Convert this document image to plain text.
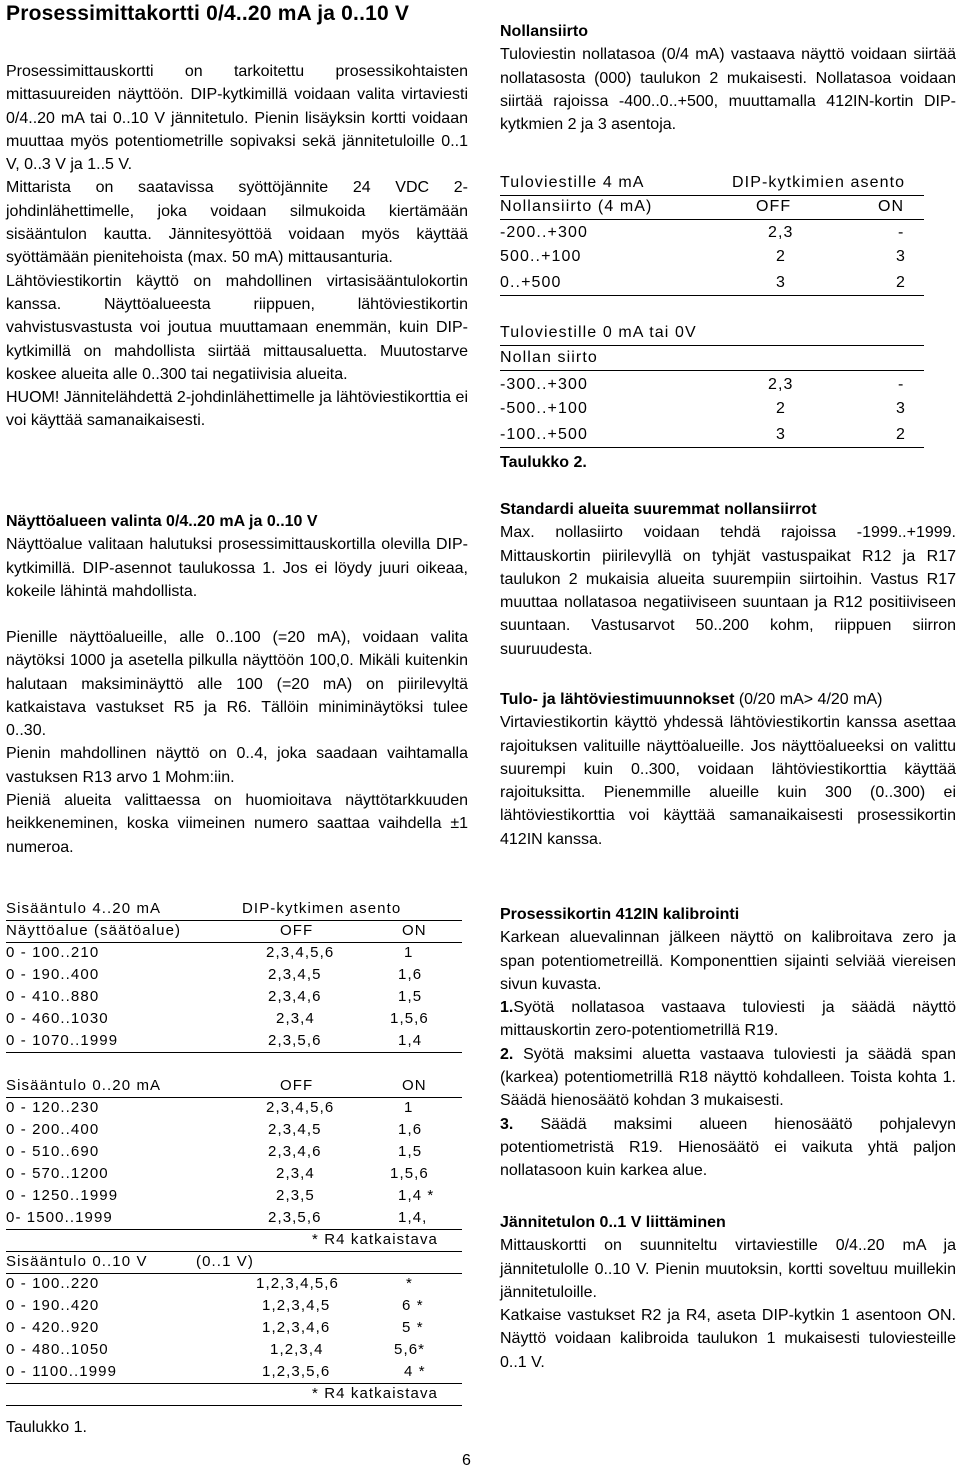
Prosessimittakortti 0/4..20 mA ja 0..10 V

Prosessimittauskortti on tarkoitettu prosessikohtaisten mittasuureiden näyttöön. DIP-kytkimillä voidaan valita virtaviesti 0/4..20 mA tai 0..10 V jännitetulo. Pienin lisäyksin kortti voidaan muuttaa myös potentiometrille sopivaksi sekä jännitetuloille 0..1 V, 0..3 V ja 1..5 V.

Mittarista on saatavissa syöttöjännite 24 VDC 2-johdinlähettimelle, joka voidaan silmukoida kiertämään sisääntulon kautta. Jännitesyöttöä voidaan myös käyttää syöttämään pienitehoista (max. 50 mA) mittausanturia.

Lähtöviestikortin käyttö on mahdollinen virtasisääntulokortin kanssa. Näyttöalueesta riippuen, lähtöviestikortin vahvistusvastusta voi joutua muuttamaan enemmän, kuin DIP-kytkimillä on mahdollista siirtää mittausaluetta. Muutostarve koskee alueita alle 0..300 tai negatiivisia alueita.

HUOM! Jännitelähdettä 2-johdinlähettimelle ja lähtöviestikorttia ei voi käyttää samanaikaisesti.

Näyttöalueen valinta 0/4..20 mA ja 0..10 V

Näyttöalue valitaan halutuksi prosessimittauskortilla olevilla DIP-kytkimillä. DIP-asennot taulukossa 1. Jos ei löydy juuri oikeaa, kokeile lähintä mahdollista.

Pienille näyttöalueille, alle 0..100 (=20 mA), voidaan valita näytöksi 1000 ja asetella pilkulla näyttöön 100,0. Mikäli kuitenkin halutaan maksiminäyttö alle 100 (=20 mA) on piirilevyltä katkaistava vastukset R5 ja R6. Tällöin miniminäytöksi tulee 0..30.

Pienin mahdollinen näyttö on 0..4, joka saadaan vaihtamalla vastuksen R13 arvo 1 Mohm:iin.

Pieniä alueita valittaessa on huomioitava näyttötarkkuuden heikkeneminen, koska viimeinen numero saattaa vaihdella ±1 numeroa.

Sisääntulo 4..20 mA	DIP-kytkimen asento
Näyttöalue (säätöalue)	OFF	ON
0 - 100..210	2,3,4,5,6	1
0 - 190..400	2,3,4,5	1,6
0 - 410..880	2,3,4,6	1,5
0 - 460..1030	2,3,4	1,5,6
0 - 1070..1999	2,3,5,6	1,4
Sisääntulo 0..20 mA	OFF	ON
0 - 120..230	2,3,4,5,6	1
0 - 200..400	2,3,4,5	1,6
0 - 510..690	2,3,4,6	1,5
0 - 570..1200	2,3,4	1,5,6
0 - 1250..1999	2,3,5	1,4 *
0- 1500..1999	2,3,5,6	1,4,
* R4 katkaistava
Sisääntulo 0..10 V	(0..1 V)
0 - 100..220	1,2,3,4,5,6	*
0 - 190..420	1,2,3,4,5	6 *
0 - 420..920	1,2,3,4,6	5 *
0 - 480..1050	1,2,3,4	5,6*
0 - 1100..1999	1,2,3,5,6	4 *
* R4 katkaistava

Taulukko 1.

Nollansiirto

Tuloviestin nollatasoa (0/4 mA) vastaava näyttö voidaan siirtää nollatasosta (000) taulukon 2 mukaisesti. Nollatasoa voidaan siirtää rajoissa -400..0..+500, muuttamalla 412IN-kortin DIP-kytkmien 2 ja 3 asentoja.

Tuloviestille 4 mA	DIP-kytkimien asento
Nollansiirto (4 mA)	OFF	ON
-200..+300	2,3	-
500..+100	2	3
0..+500	3	2
Tuloviestille 0 mA tai 0V
Nollan siirto
-300..+300	2,3	-
-500..+100	2	3
-100..+500	3	2

Taulukko 2.

Standardi alueita suuremmat nollansiirrot

Max. nollasiirto voidaan tehdä rajoissa -1999..+1999. Mittauskortin piirilevyllä on tyhjät vastuspaikat R12 ja R17 taulukon 2 mukaisia alueita suurempiin siirtoihin. Vastus R17 muuttaa nollatasoa negatiiviseen suuntaan ja R12 positiiviseen suuntaan. Vastusarvot 50..200 kohm, riippuen siirron suuruudesta.

Tulo- ja lähtöviestimuunnokset (0/20 mA> 4/20 mA)

Virtaviestikortin käyttö yhdessä lähtöviestikortin kanssa asettaa rajoituksen valituille näyttöalueille. Jos näyttöalueeksi on valittu suurempi kuin 0..300, voidaan lähtöviestikorttia käyttää rajoituksitta. Pienemmille alueille kuin 300 (0..300) ei lähtöviestikorttia voi käyttää samanaikaisesti prosessikortin 412IN kanssa.

Prosessikortin 412IN kalibrointi

Karkean aluevalinnan jälkeen näyttö on kalibroitava zero ja span potentiometreillä. Komponenttien sijainti selviää viereisen sivun kuvasta.

1.Syötä nollatasoa vastaava tuloviesti ja säädä näyttö mittauskortin zero-potentiometrillä R19.

2. Syötä maksimi aluetta vastaava tuloviesti ja säädä span (karkea) potentiometrillä R18 näyttö kohdalleen. Toista kohta 1. Säädä hienosäätö kohdan 3 mukaisesti.

3. Säädä maksimi alueen hienosäätö pohjalevyn potentiometristä R19. Hienosäätö ei vaikuta yhtä paljon nollatasoon kuin karkea alue.

Jännitetulon 0..1 V liittäminen

Mittauskortti on suunniteltu virtaviestille 0/4..20 mA ja jännitetulolle 0..10 V. Pienin muutoksin, kortti soveltuu muillekin jännitetuloille.

Katkaise vastukset R2 ja R4, aseta DIP-kytkin 1 asentoon ON. Näyttö voidaan kalibroida taulukon 1 mukaisesti tuloviesteille 0..1 V.

6
